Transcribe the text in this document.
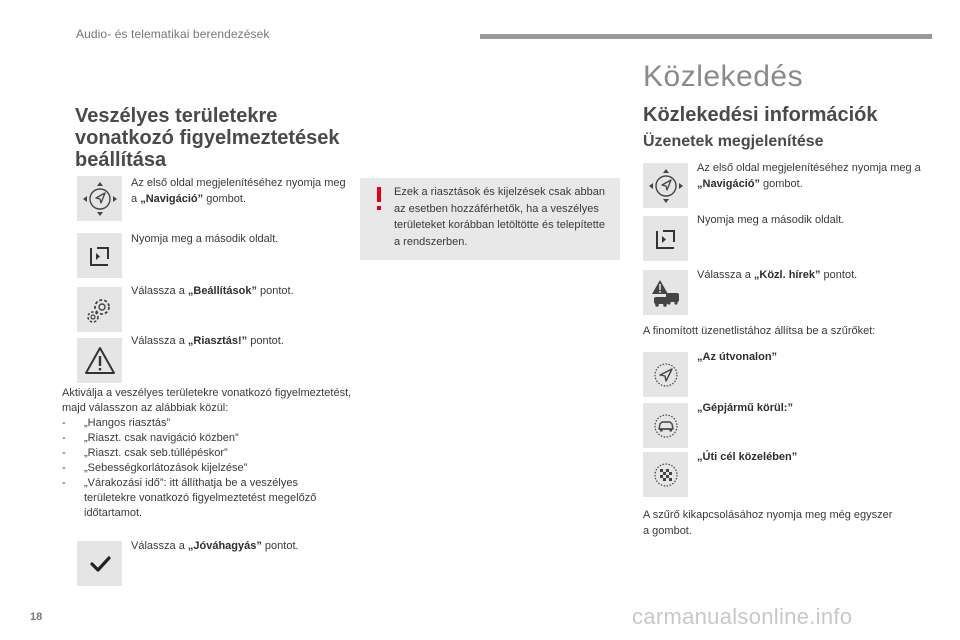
Audio- és telematikai berendezések
Közlekedés
Veszélyes területekre
vonatkozó figyelmeztetések
beállítása
Az első oldal megjelenítéséhez nyomja meg a „Navigáció” gombot.
Nyomja meg a második oldalt.
Válassza a „Beállítások” pontot.
Válassza a „Riasztás!” pontot.
Aktiválja a veszélyes területekre vonatkozó figyelmeztetést, majd válasszon az alábbiak közül:
-	„Hangos riasztás”
-	„Riaszt. csak navigáció közben”
-	„Riaszt. csak seb.túllépéskor”
-	„Sebességkorlátozások kijelzése”
-	„Várakozási idő”: itt állíthatja be a veszélyes területekre vonatkozó figyelmeztetést megelőző időtartamot.
Válassza a „Jóváhagyás” pontot.
Ezek a riasztások és kijelzések csak abban az esetben hozzáférhetők, ha a veszélyes területeket korábban letöltötte és telepítette a rendszerben.
Közlekedési információk
Üzenetek megjelenítése
Az első oldal megjelenítéséhez nyomja meg a „Navigáció” gombot.
Nyomja meg a második oldalt.
Válassza a „Közl. hírek” pontot.
A finomított üzenetlistához állítsa be a szűrőket:
„Az útvonalon”
„Gépjármű körül:”
„Úti cél közelében”
A szűrő kikapcsolásához nyomja meg még egyszer a gombot.
18	carmanualsonline.info
